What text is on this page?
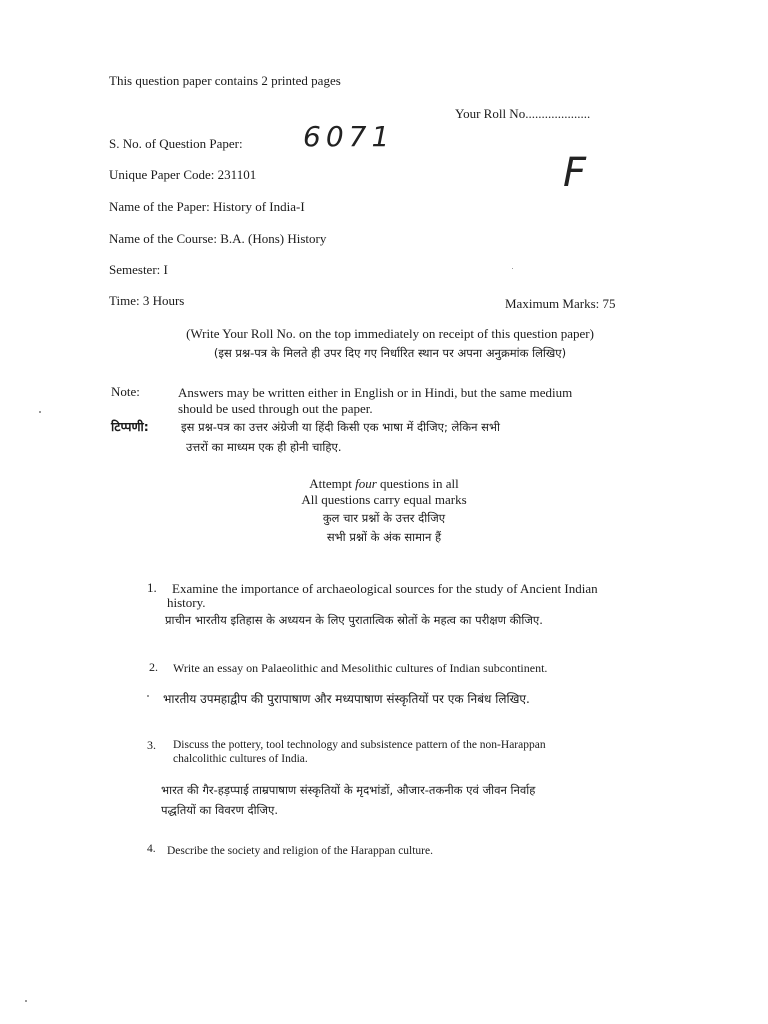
This question paper contains 2 printed pages
Your Roll No....................
S. No. of Question Paper: 6071
F
Unique Paper Code: 231101
Name of the Paper: History of India-I
Name of the Course: B.A. (Hons) History
Semester: I
Time: 3 Hours	Maximum Marks: 75
(Write Your Roll No. on the top immediately on receipt of this question paper)
(इस प्रश्न-पत्र के मिलते ही उपर दिए गए निर्धारित स्थान पर अपना अनुक्रमांक लिखिए)
Note:	Answers may be written either in English or in Hindi, but the same medium
should be used through out the paper.
टिप्पणी:	इस प्रश्न-पत्र का उत्तर अंग्रेजी या हिंदी किसी एक भाषा में दीजिए; लेकिन सभी
उत्तरों का माध्यम एक ही होनी चाहिए.
Attempt four questions in all
All questions carry equal marks
कुल चार प्रश्नों के उत्तर दीजिए
सभी प्रश्नों के अंक सामान हैं
1. Examine the importance of archaeological sources for the study of Ancient Indian
history.
प्राचीन भारतीय इतिहास के अध्ययन के लिए पुरातात्विक स्रोतों के महत्व का परीक्षण कीजिए.
2. Write an essay on Palaeolithic and Mesolithic cultures of Indian subcontinent.
भारतीय उपमहाद्वीप की पुरापाषाण और मध्यपाषाण संस्कृतियों पर एक निबंध लिखिए.
3. Discuss the pottery, tool technology and subsistence pattern of the non-Harappan
chalcolithic cultures of India.
भारत की गैर-हड़प्पाई ताम्रपाषाण संस्कृतियों के मृदभांडों, औजार-तकनीक एवं जीवन निर्वाह
पद्धतियों का विवरण दीजिए.
4. Describe the society and religion of the Harappan culture.
